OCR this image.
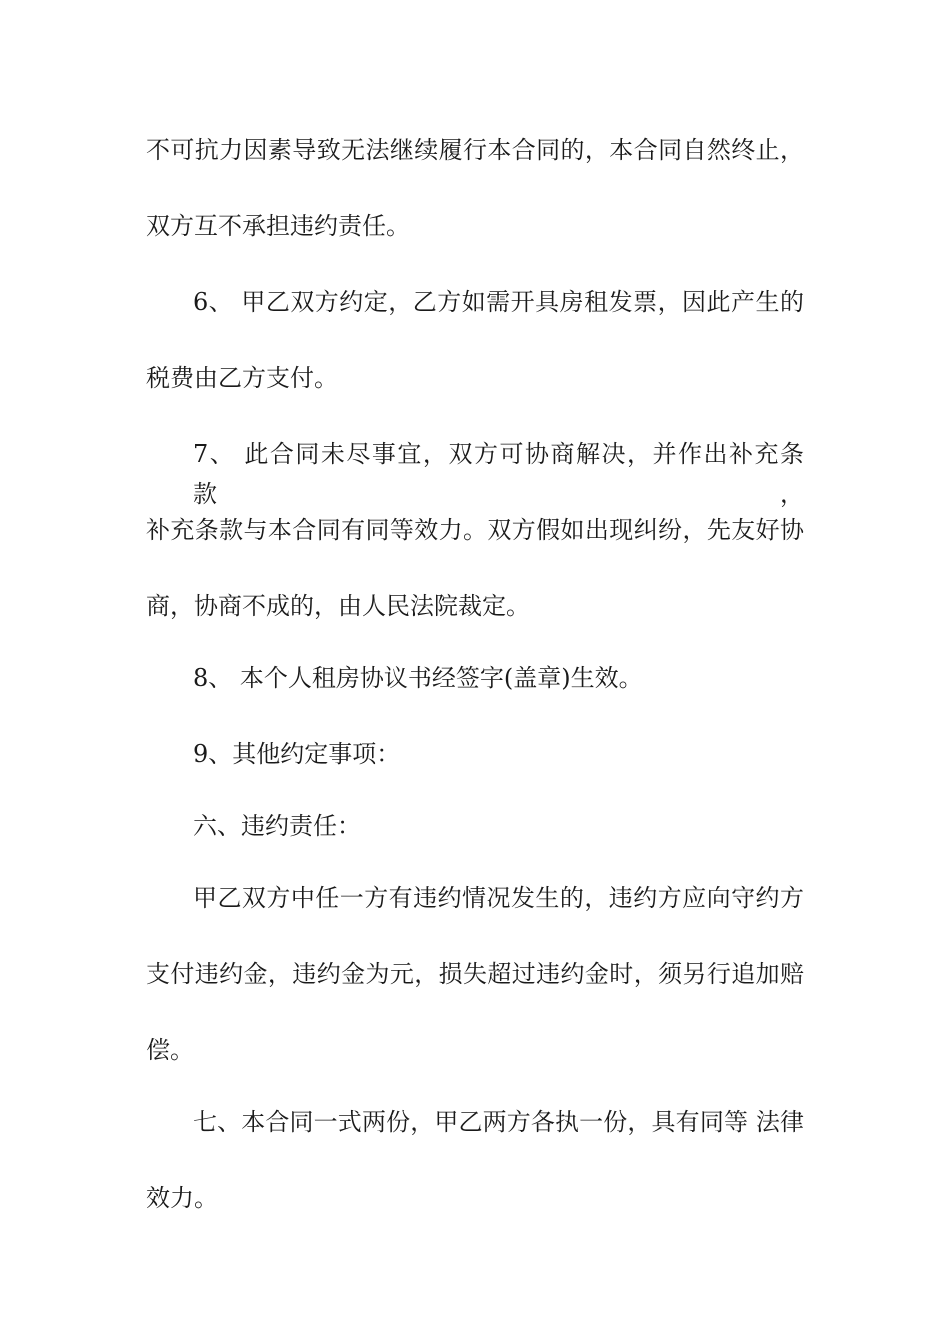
不可抗力因素导致无法继续履行本合同的，本合同自然终止，
双方互不承担违约责任。
6、 甲乙双方约定，乙方如需开具房租发票，因此产生的
税费由乙方支付。
7、 此合同未尽事宜，双方可协商解决，并作出补充条款，
补充条款与本合同有同等效力。双方假如出现纠纷，先友好协
商，协商不成的，由人民法院裁定。
8、 本个人租房协议书经签字(盖章)生效。
9、其他约定事项：
六、违约责任：
甲乙双方中任一方有违约情况发生的，违约方应向守约方
支付违约金，违约金为元，损失超过违约金时，须另行追加赔
偿。
七、本合同一式两份，甲乙两方各执一份，具有同等 法律
效力。
